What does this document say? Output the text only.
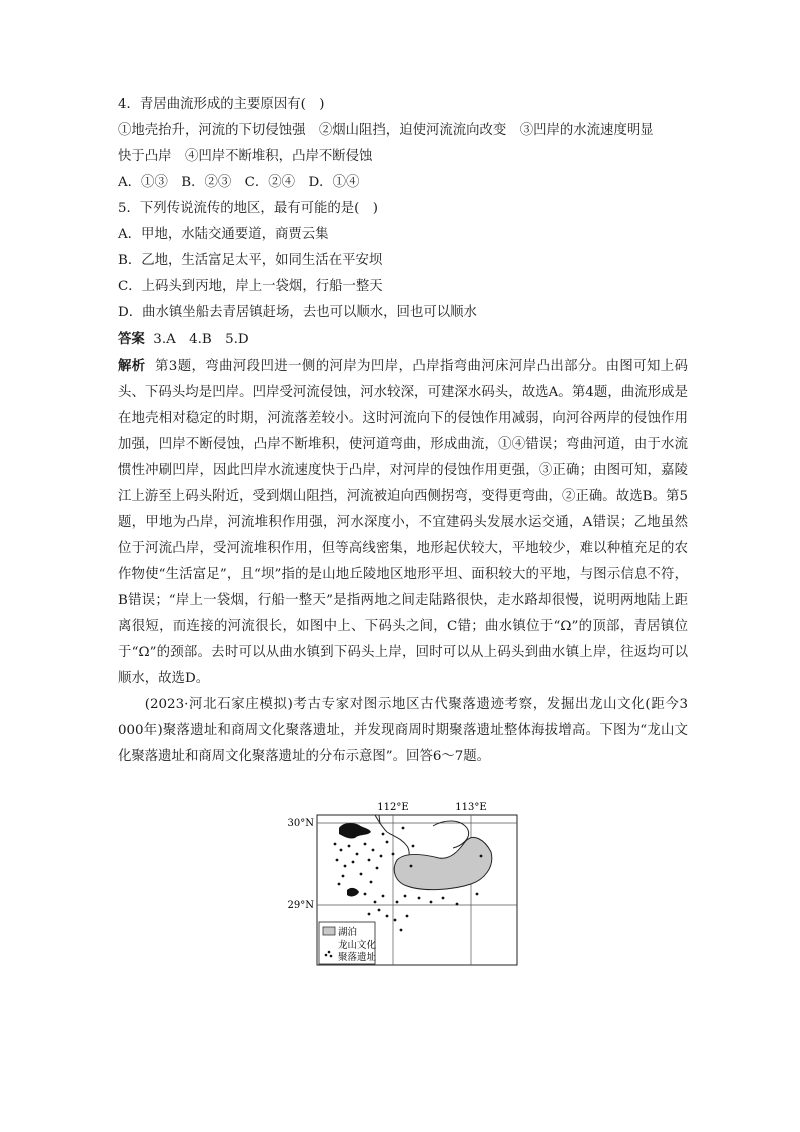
4．青居曲流形成的主要原因有(　)
①地壳抬升，河流的下切侵蚀强　②烟山阻挡，迫使河流流向改变　③凹岸的水流速度明显
快于凸岸　④凹岸不断堆积，凸岸不断侵蚀
A．①③　B．②③　C．②④　D．①④
5．下列传说流传的地区，最有可能的是(　)
A．甲地，水陆交通要道，商贾云集
B．乙地，生活富足太平，如同生活在平安坝
C．上码头到丙地，岸上一袋烟，行船一整天
D．曲水镇坐船去青居镇赶场，去也可以顺水，回也可以顺水
答案 3.A　4.B　5.D
解析 第3题，弯曲河段凹进一侧的河岸为凹岸，凸岸指弯曲河床河岸凸出部分。由图可知上码头、下码头均是凹岸。凹岸受河流侵蚀，河水较深，可建深水码头，故选A。第4题，曲流形成是在地壳相对稳定的时期，河流落差较小。这时河流向下的侵蚀作用减弱，向河谷两岸的侵蚀作用加强，凹岸不断侵蚀，凸岸不断堆积，使河道弯曲，形成曲流，①④错误；弯曲河道，由于水流惯性冲刷凹岸，因此凹岸水流速度快于凸岸，对河岸的侵蚀作用更强，③正确；由图可知，嘉陵江上游至上码头附近，受到烟山阻挡，河流被迫向西侧拐弯，变得更弯曲，②正确。故选B。第5题，甲地为凸岸，河流堆积作用强，河水深度小，不宜建码头发展水运交通，A错误；乙地虽然位于河流凸岸，受河流堆积作用，但等高线密集，地形起伏较大，平地较少，难以种植充足的农作物使“生活富足”，且“坝”指的是山地丘陵地区地形平坦、面积较大的平地，与图示信息不符，B错误；“岸上一袋烟，行船一整天”是指两地之间走陆路很快，走水路却很慢，说明两地陆上距离很短，而连接的河流很长，如图中上、下码头之间，C错；曲水镇位于“Ω”的顶部，青居镇位于“Ω”的颈部。去时可以从曲水镇到下码头上岸，回时可以从上码头到曲水镇上岸，往返均可以顺水，故选D。
(2023·河北石家庄模拟)考古专家对图示地区古代聚落遗迹考察，发掘出龙山文化(距今3 000年)聚落遗址和商周文化聚落遗址，并发现商周时期聚落遗址整体海拔增高。下图为“龙山文化聚落遗址和商周文化聚落遗址的分布示意图”。回答6～7题。
112°E	113°E
30°N
29°N
湖泊
龙山文化
聚落遗址
